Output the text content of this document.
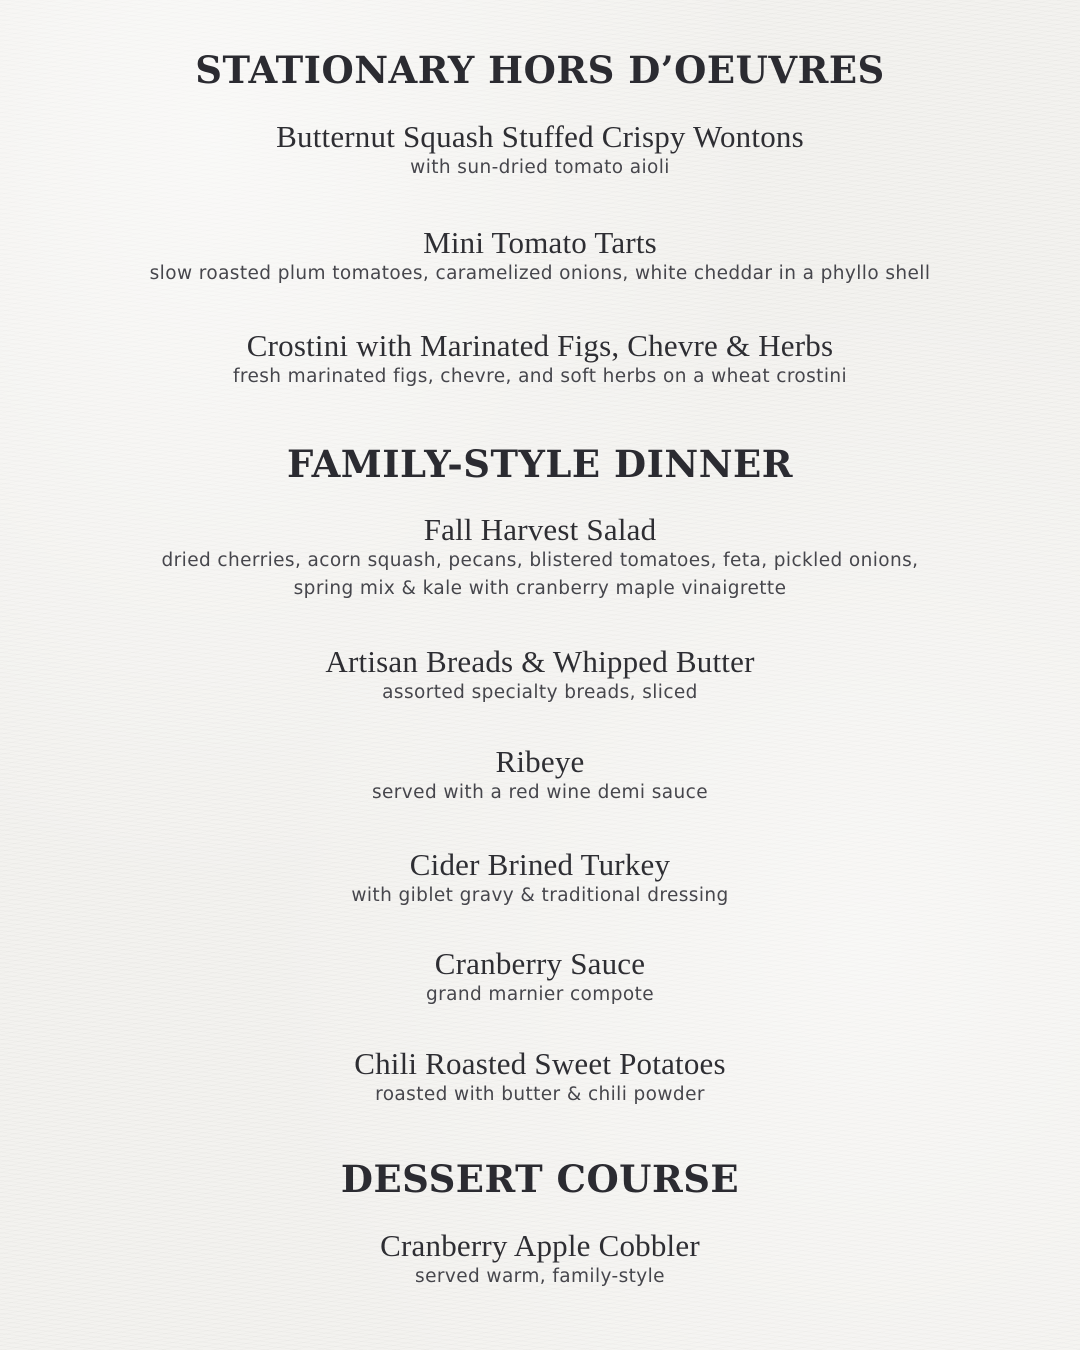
STATIONARY HORS D’OEUVRES
Butternut Squash Stuffed Crispy Wontons
with sun-dried tomato aioli
Mini Tomato Tarts
slow roasted plum tomatoes, caramelized onions, white cheddar in a phyllo shell
Crostini with Marinated Figs, Chevre & Herbs
fresh marinated figs, chevre, and soft herbs on a wheat crostini
FAMILY-STYLE DINNER
Fall Harvest Salad
dried cherries, acorn squash, pecans, blistered tomatoes, feta, pickled onions,
spring mix & kale with cranberry maple vinaigrette
Artisan Breads & Whipped Butter
assorted specialty breads, sliced
Ribeye
served with a red wine demi sauce
Cider Brined Turkey
with giblet gravy & traditional dressing
Cranberry Sauce
grand marnier compote
Chili Roasted Sweet Potatoes
roasted with butter & chili powder
DESSERT COURSE
Cranberry Apple Cobbler
served warm, family-style
